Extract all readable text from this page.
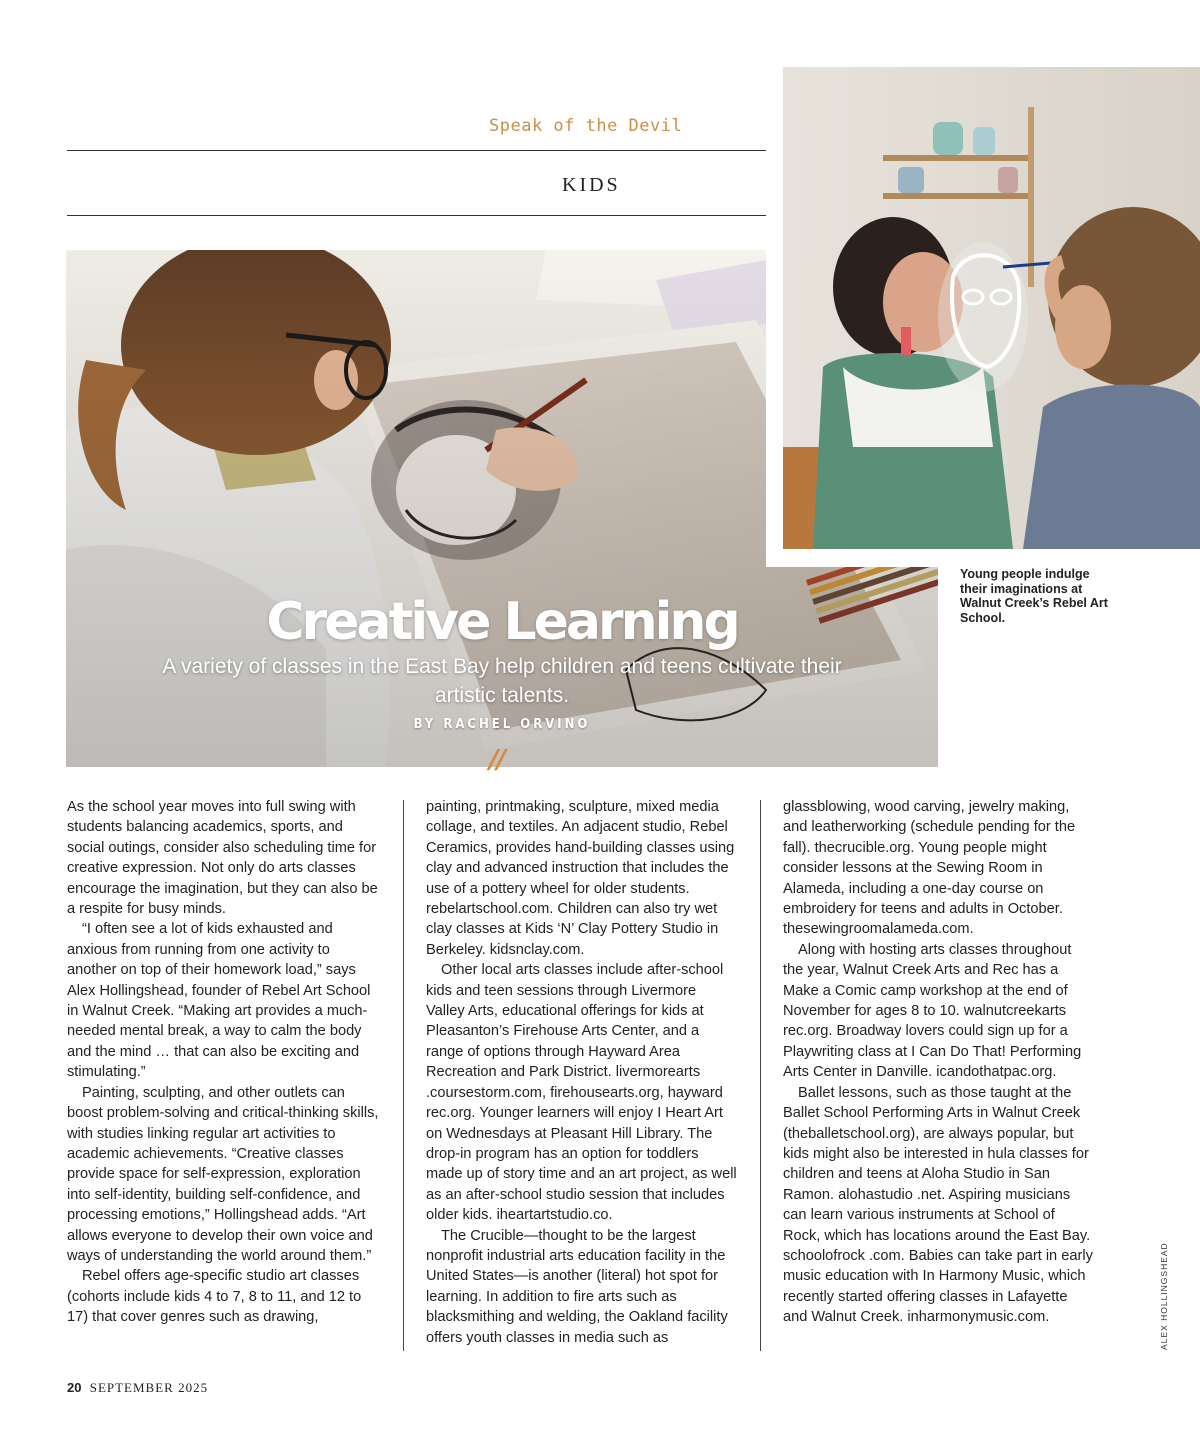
Speak of the Devil
KIDS
Young people indulge their imaginations at Walnut Creek’s Rebel Art School.
Creative Learning
A variety of classes in the East Bay help children and teens cultivate their artistic talents.
BY RACHEL ORVINO
//

As the school year moves into full swing with students balancing academics, sports, and social outings, consider also scheduling time for creative expression. Not only do arts classes encourage the imagination, but they can also be a respite for busy minds.

“I often see a lot of kids exhausted and anxious from running from one activity to another on top of their homework load,” says Alex Hollingshead, founder of Rebel Art School in Walnut Creek. “Making art provides a much-needed mental break, a way to calm the body and the mind … that can also be exciting and stimulating.”

Painting, sculpting, and other outlets can boost problem-solving and critical-thinking skills, with studies linking regular art activities to academic achievements. “Creative classes provide space for self-expression, exploration into self-identity, building self-confidence, and processing emotions,” Hollingshead adds. “Art allows everyone to develop their own voice and ways of understanding the world around them.”

Rebel offers age-specific studio art classes (cohorts include kids 4 to 7, 8 to 11, and 12 to 17) that cover genres such as drawing,

painting, printmaking, sculpture, mixed media collage, and textiles. An adjacent studio, Rebel Ceramics, provides hand-building classes using clay and advanced instruction that includes the use of a pottery wheel for older students. rebelartschool.com. Children can also try wet clay classes at Kids ‘N’ Clay Pottery Studio in Berkeley. kidsnclay.com.

Other local arts classes include after-school kids and teen sessions through Livermore Valley Arts, educational offerings for kids at Pleasanton’s Firehouse Arts Center, and a range of options through Hayward Area Recreation and Park District. livermorearts .coursestorm.com, firehousearts.org, hayward rec.org. Younger learners will enjoy I Heart Art on Wednesdays at Pleasant Hill Library. The drop-in program has an option for toddlers made up of story time and an art project, as well as an after-school studio session that includes older kids. iheartartstudio.co.

The Crucible—thought to be the largest nonprofit industrial arts education facility in the United States—is another (literal) hot spot for learning. In addition to fire arts such as blacksmithing and welding, the Oakland facility offers youth classes in media such as

glassblowing, wood carving, jewelry making, and leatherworking (schedule pending for the fall). thecrucible.org. Young people might consider lessons at the Sewing Room in Alameda, including a one-day course on embroidery for teens and adults in October. thesewingroomalameda.com.

Along with hosting arts classes throughout the year, Walnut Creek Arts and Rec has a Make a Comic camp workshop at the end of November for ages 8 to 10. walnutcreekarts rec.org. Broadway lovers could sign up for a Playwriting class at I Can Do That! Performing Arts Center in Danville. icandothatpac.org.

Ballet lessons, such as those taught at the Ballet School Performing Arts in Walnut Creek (theballetschool.org), are always popular, but kids might also be interested in hula classes for children and teens at Aloha Studio in San Ramon. alohastudio .net. Aspiring musicians can learn various instruments at School of Rock, which has locations around the East Bay. schoolofrock .com. Babies can take part in early music education with In Harmony Music, which recently started offering classes in Lafayette and Walnut Creek. inharmonymusic.com.	ALEX HOLLINGSHEAD
20 SEPTEMBER 2025
